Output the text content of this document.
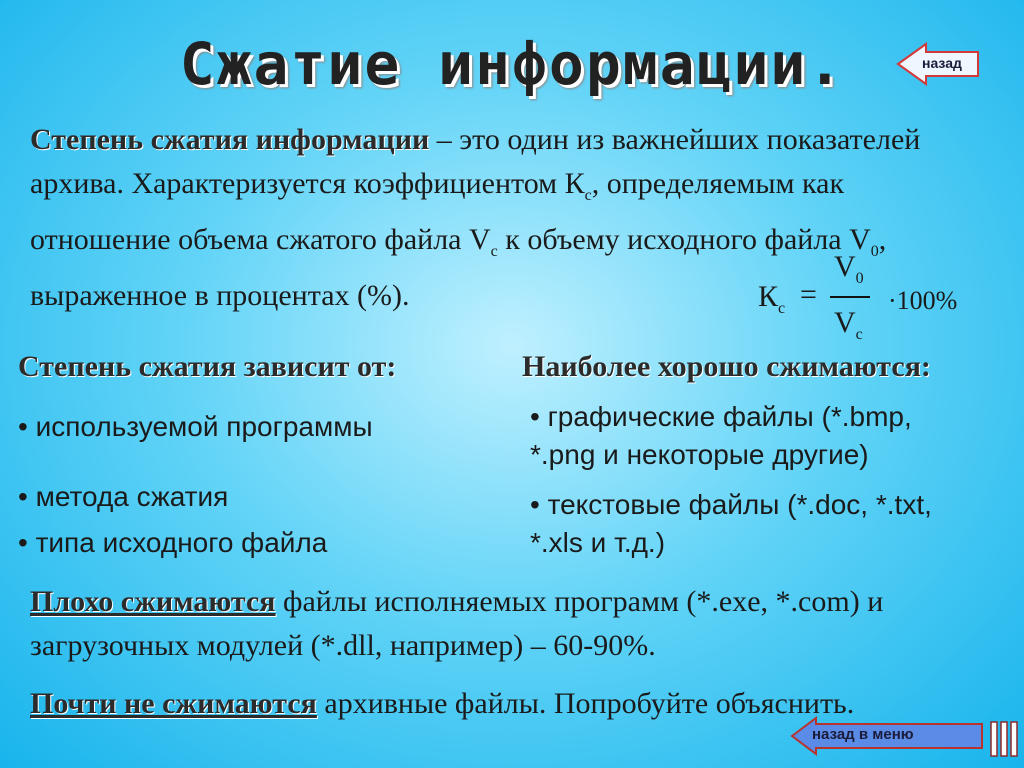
Сжатие информации.	назад
Степень сжатия информации – это один из важнейших показателей архива. Характеризуется коэффициентом $К_с$, определяемым как отношение объема сжатого файла $V_с$ к объему исходного файла $V_0$, выраженное в процентах (%).	$К_с$ =
$V_0$
$V_с$
·100%
Степень сжатия зависит от:
• используемой программы
• метода сжатия
• типа исходного файла
Наиболее хорошо сжимаются:
• графические файлы (*.bmp, *.png и некоторые другие)
• текстовые файлы (*.doc, *.txt, *.xls и т.д.)
Плохо сжимаются файлы исполняемых программ (*.exe, *.com) и загрузочных модулей (*.dll, например) – 60-90%.
Почти не сжимаются архивные файлы. Попробуйте объяснить.
назад в меню
